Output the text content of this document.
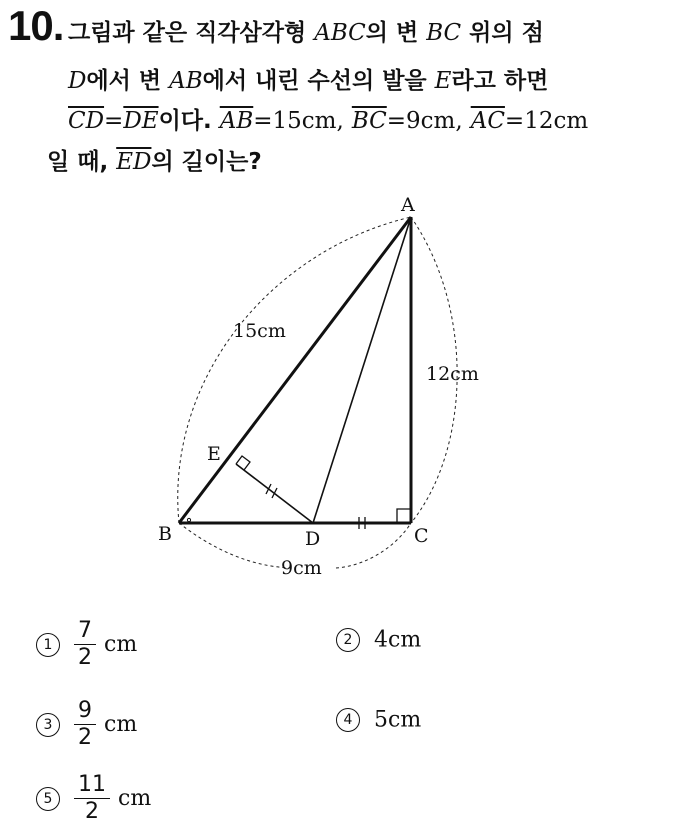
10. 그림과 같은 직각삼각형 ABC의 변 BC 위의 점
D에서 변 AB에서 내린 수선의 발을 E라고 하면
$\overline{CD}=\overline{DE}$이다. $\overline{AB}=15cm$, $\overline{BC}=9cm$, $\overline{AC}=12cm$
일 때, $\overline{ED}$의 길이는?
A
B	C
D
E
15cm
12cm
9cm
$1 \frac{7}{2}$ cm	2 4cm
$3 \frac{9}{2}$ cm	4 5cm
$5 \frac{11}{2}$ cm
